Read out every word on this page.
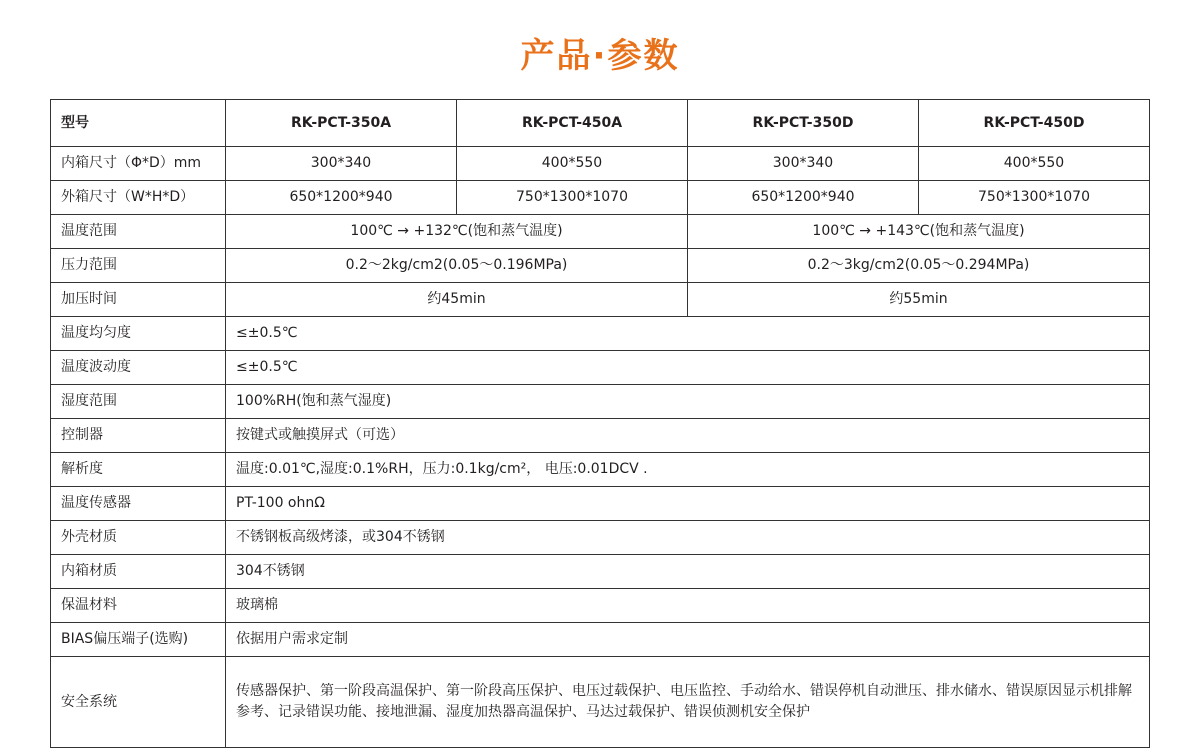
产品·参数
型号	RK-PCT-350A	RK-PCT-450A	RK-PCT-350D	RK-PCT-450D
内箱尺寸（Φ*D）mm	300*340	400*550	300*340	400*550
外箱尺寸（W*H*D）	650*1200*940	750*1300*1070	650*1200*940	750*1300*1070
温度范围	100℃ → +132℃(饱和蒸气温度)		100℃ → +143℃(饱和蒸气温度)	
压力范围	0.2～2kg/cm2(0.05～0.196MPa)		0.2～3kg/cm2(0.05～0.294MPa)	
加压时间	约45min		约55min	
温度均匀度	≤±0.5℃			
温度波动度	≤±0.5℃			
湿度范围	100%RH(饱和蒸气湿度)			
控制器	按键式或触摸屏式（可选）			
解析度	温度:0.01℃,湿度:0.1%RH，压力:0.1kg/cm²， 电压:0.01DCV .			
温度传感器	PT-100 ohnΩ			
外壳材质	不锈钢板高级烤漆，或304不锈钢			
内箱材质	304不锈钢			
保温材料	玻璃棉			
BIAS偏压端子(选购)	依据用户需求定制			
安全系统	传感器保护、第一阶段高温保护、第一阶段高压保护、电压过载保护、电压监控、手动给水、错误停机自动泄压、排水储水、错误原因显示机排解参考、记录错误功能、接地泄漏、湿度加热器高温保护、马达过载保护、错误侦测机安全保护			
